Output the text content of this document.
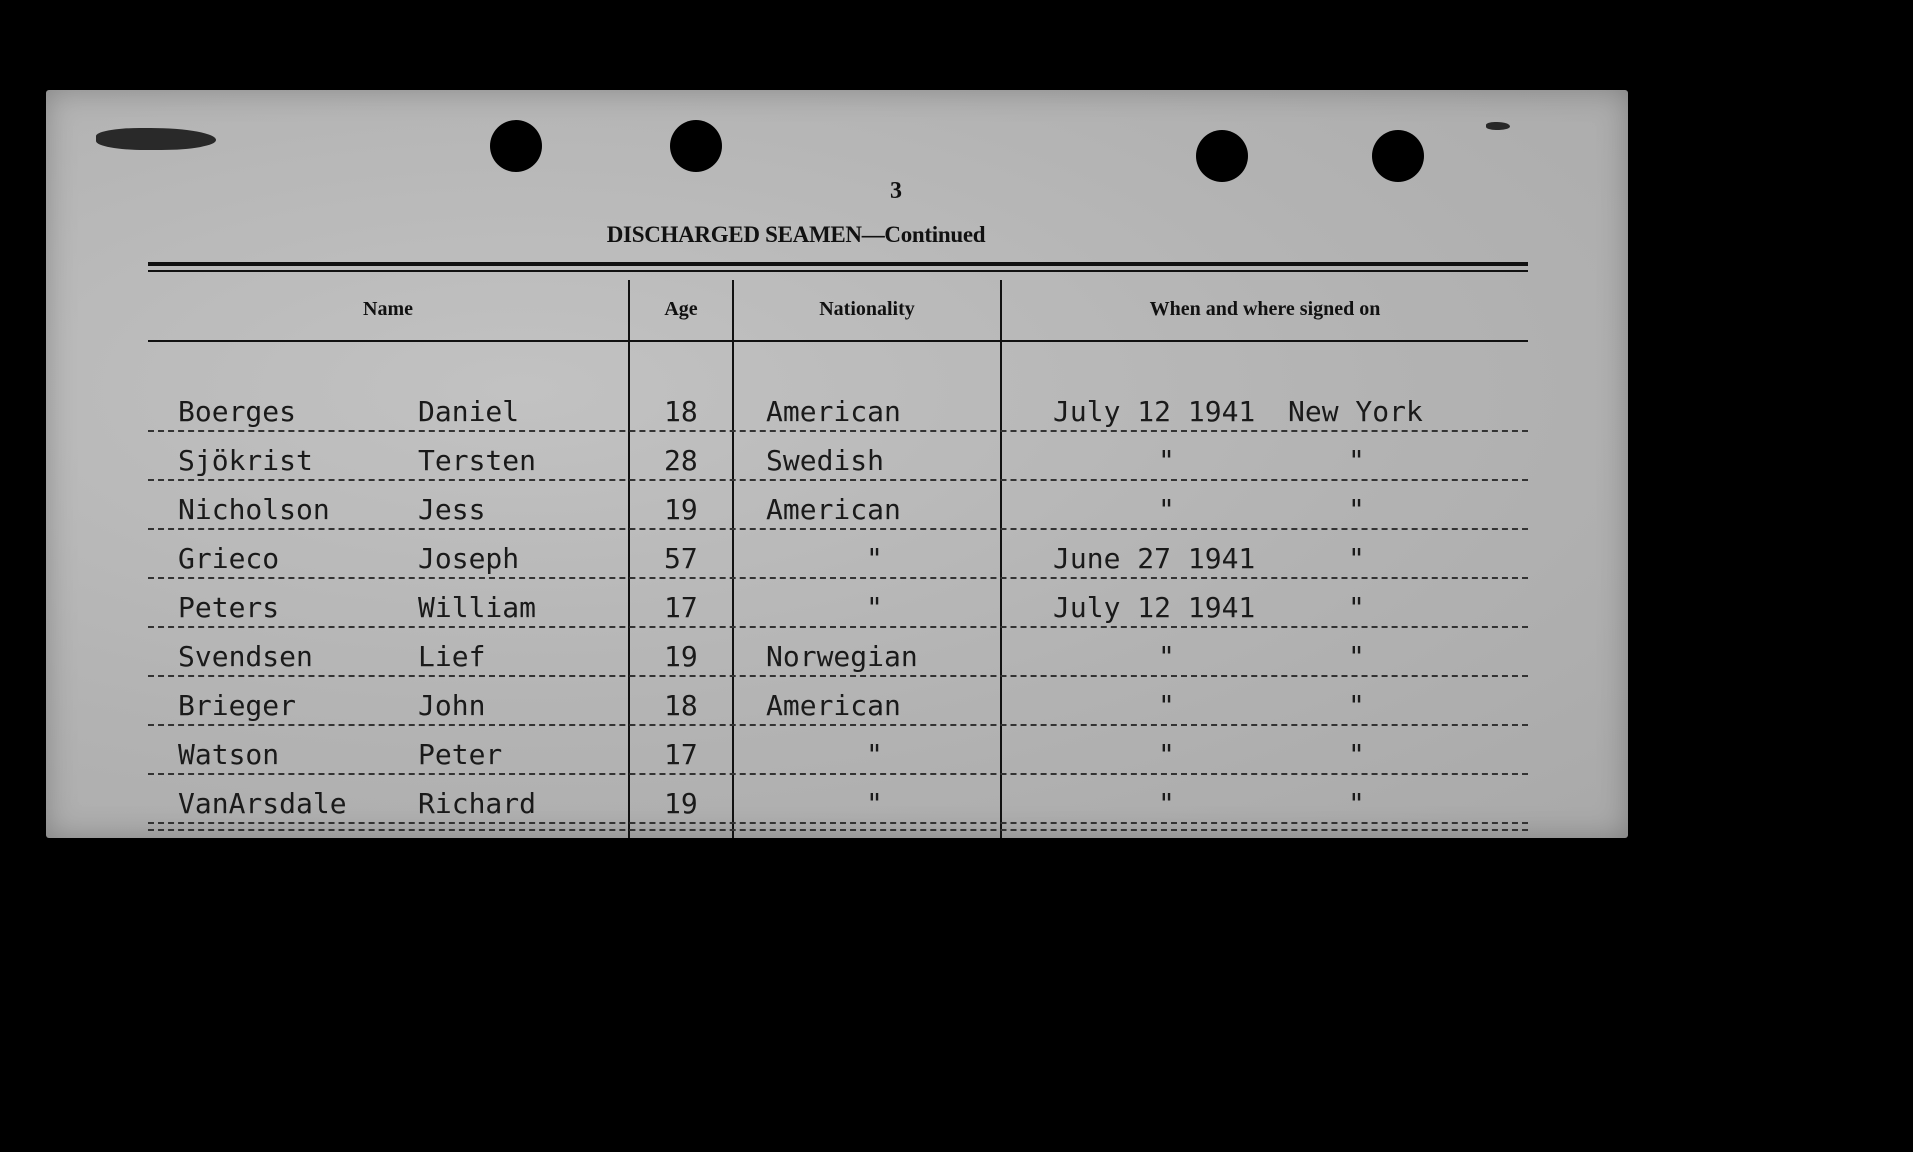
3
DISCHARGED SEAMEN—Continued
Name	Age	Nationality	When and where signed on
Boerges	Daniel	18 American	July 12 1941 New York
Sjökrist	Tersten	28 Swedish	"	"
Nicholson	Jess	19 American	"	"
Grieco	Joseph	57	"	June 27 1941	"
Peters	William	17	"	July 12 1941	"
Svendsen	Lief	19 Norwegian	"	"
Brieger	John	18 American	"	"
Watson	Peter	17	"	"	"
VanArsdale	Richard	19	"	"	"
